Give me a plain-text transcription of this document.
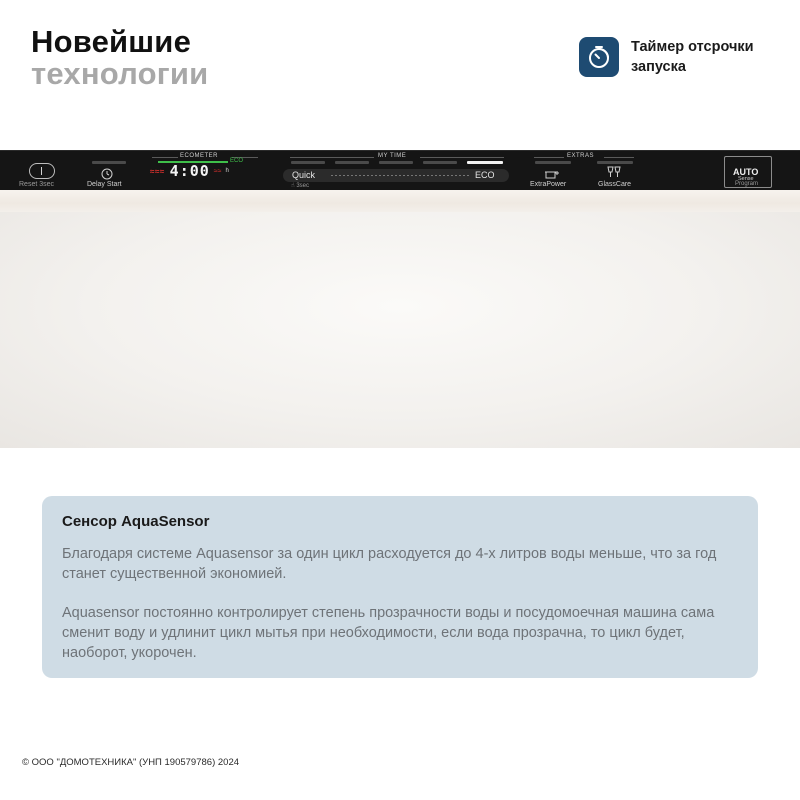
Новейшие
технологии
Таймер отсрочки запуска
Reset 3sec	Delay Start
ECOMETER
ECO
≈≈≈ 4:00 ≈≈ h
MY TIME
Quick	ECO
☝ 3sec
EXTRAS
ExtraPower	GlassCare
AUTO
Sense
Program
Сенсор AquaSensor
Благодаря системе Aquasensor за один цикл расходуется до 4-х литров воды меньше, что за год станет существенной экономией.
Aquasensor постоянно контролирует степень прозрачности воды и посудомоечная машина сама сменит воду и удлинит цикл мытья при необходимости, если вода прозрачна, то цикл будет, наоборот, укорочен.
© ООО "ДОМОТЕХНИКА" (УНП 190579786) 2024
